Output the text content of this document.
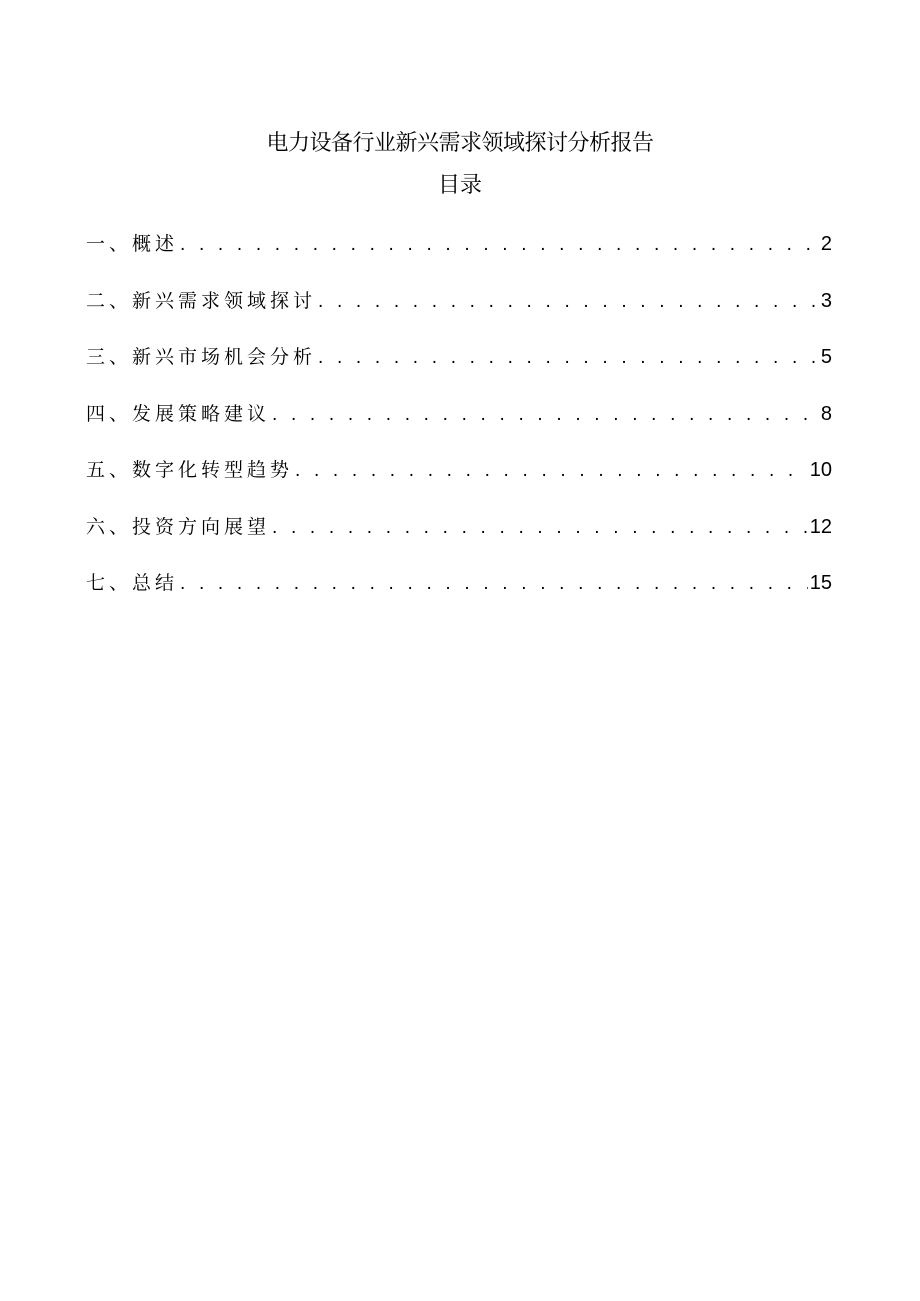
电力设备行业新兴需求领域探讨分析报告
目录
一、概述 . . .	2
二、新兴需求领域探讨 . . .	3
三、新兴市场机会分析 . . .	5
四、发展策略建议 . . .	8
五、数字化转型趋势 . . .	10
六、投资方向展望 . . .	12
七、总结 . . .	15
